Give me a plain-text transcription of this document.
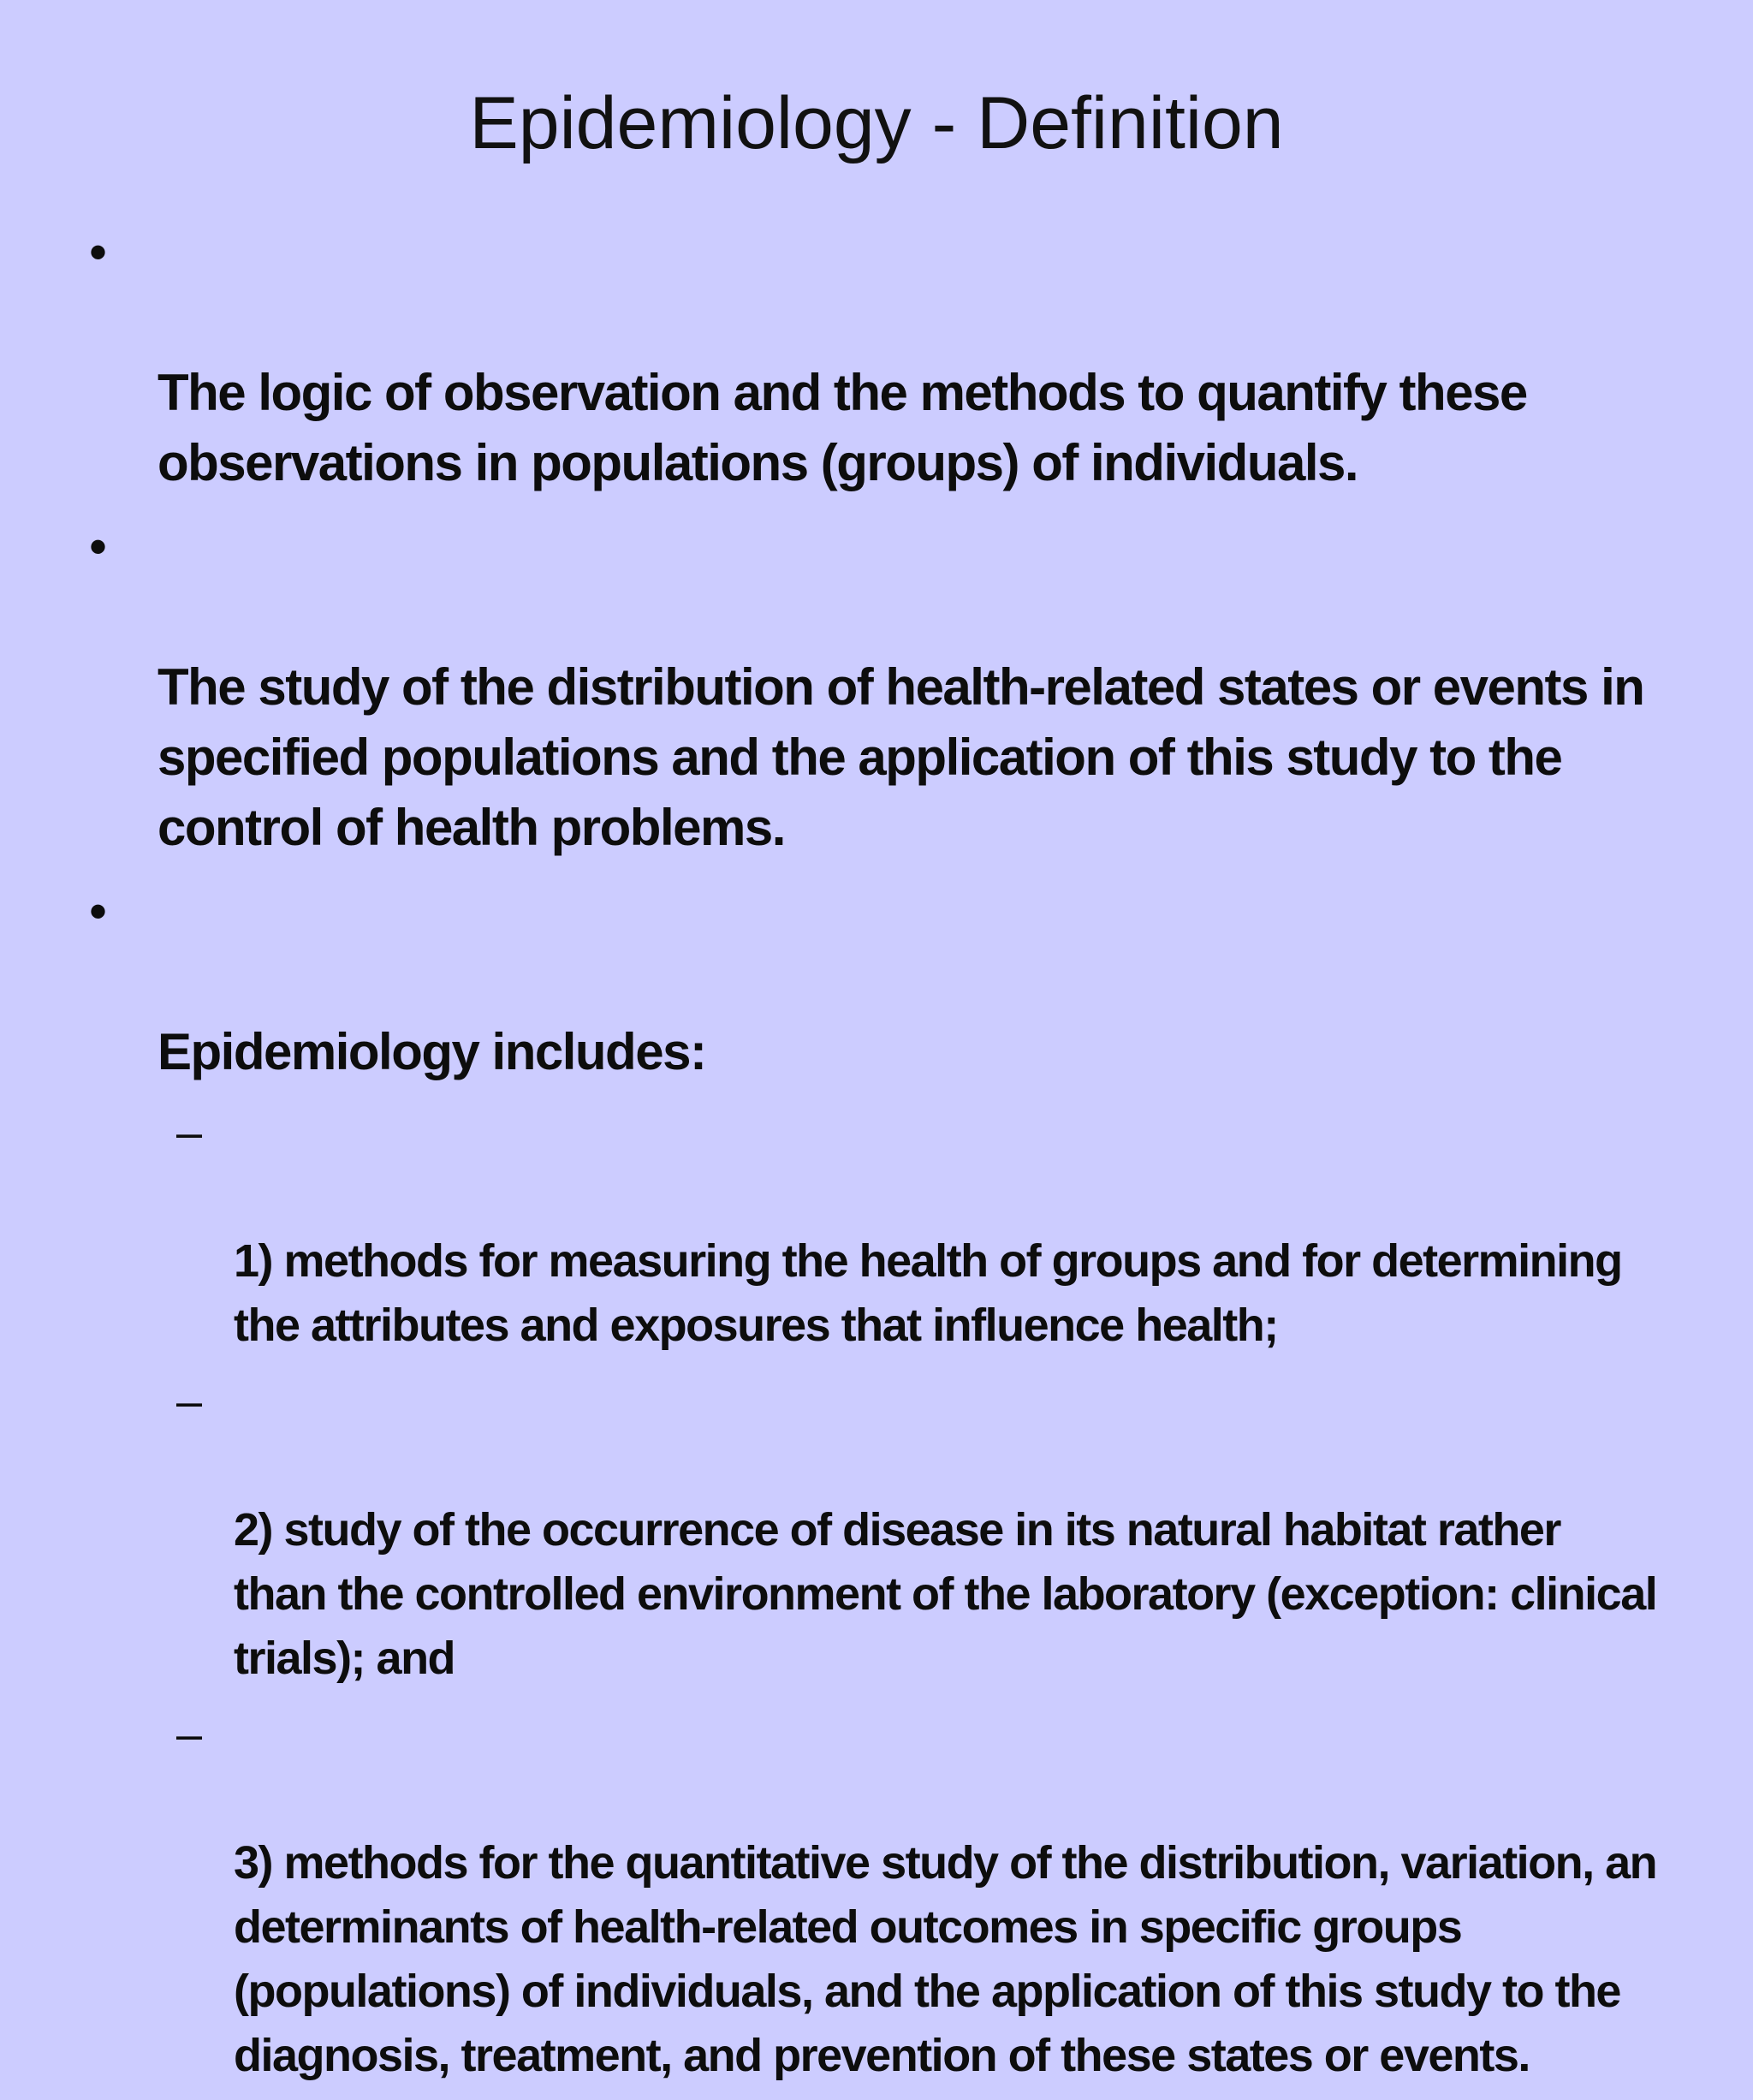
Epidemiology - Definition

•

The logic of observation and the methods to quantify these
observations in populations (groups) of individuals.

•

The study of the distribution of health-related states or events in
specified populations and the application of this study to the
control of health problems.

•

Epidemiology includes:

–

1) methods for measuring the health of groups and for determining
the attributes and exposures that influence health;

–

2) study of the occurrence of disease in its natural habitat rather
than the controlled environment of the laboratory (exception: clinical
trials); and

–

3) methods for the quantitative study of the distribution, variation, an
determinants of health-related outcomes in specific groups
(populations) of individuals, and the application of this study to the
diagnosis, treatment, and prevention of these states or events.
